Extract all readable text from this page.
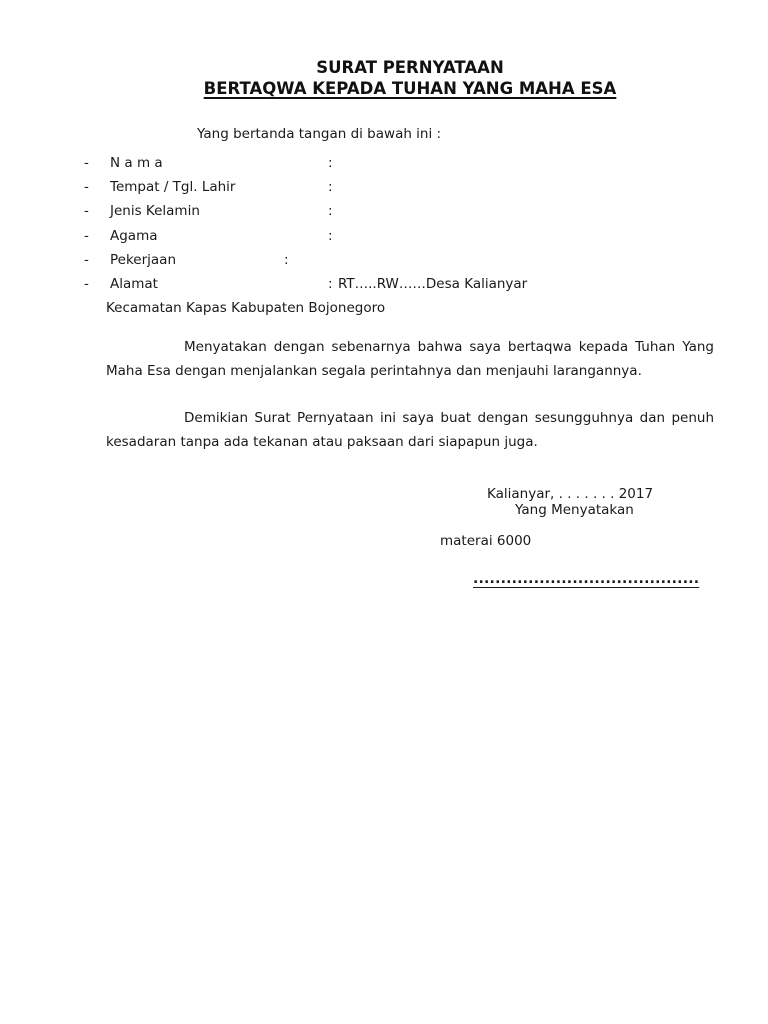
SURAT PERNYATAAN
BERTAQWA KEPADA TUHAN YANG MAHA ESA
Yang bertanda tangan di bawah ini :
- N a m a	:
- Tempat / Tgl. Lahir	:
- Jenis Kelamin	:
- Agama	:
- Pekerjaan	:
- Alamat	: RT…..RW……Desa Kalianyar
Kecamatan Kapas Kabupaten Bojonegoro

Menyatakan dengan sebenarnya bahwa saya bertaqwa kepada Tuhan Yang Maha Esa dengan menjalankan segala perintahnya dan menjauhi larangannya.

Demikian Surat Pernyataan ini saya buat dengan sesungguhnya dan penuh kesadaran tanpa ada tekanan atau paksaan dari siapapun juga.

Kalianyar, . . . . . . . 2017
Yang Menyatakan
materai 6000
.........................................
